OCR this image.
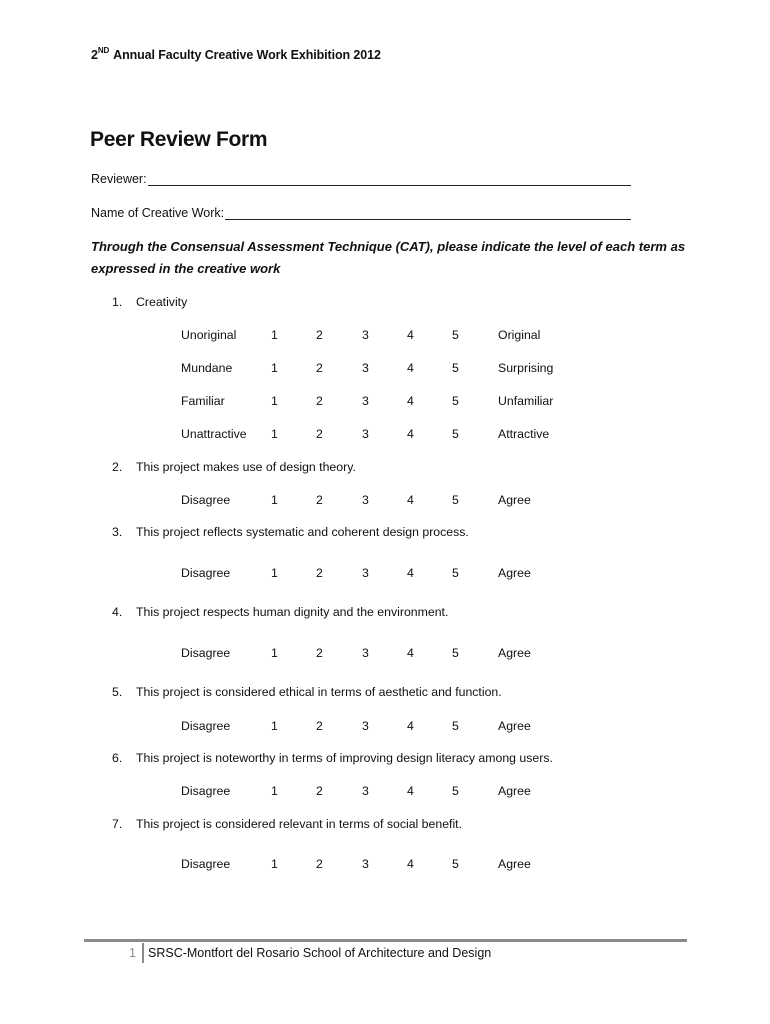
2ND Annual Faculty Creative Work Exhibition 2012
Peer Review Form
Reviewer:
Name of Creative Work:
Through the Consensual Assessment Technique (CAT), please indicate the level of each term as expressed in the creative work
1. Creativity
Unoriginal	1	2	3	4	5	Original
Mundane	1	2	3	4	5	Surprising
Familiar	1	2	3	4	5	Unfamiliar
Unattractive 1	2	3	4	5	Attractive
2. This project makes use of design theory.
Disagree	1	2	3	4	5	Agree
3. This project reflects systematic and coherent design process.
Disagree	1	2	3	4	5	Agree
4. This project respects human dignity and the environment.
Disagree	1	2	3	4	5	Agree
5. This project is considered ethical in terms of aesthetic and function.
Disagree	1	2	3	4	5	Agree
6. This project is noteworthy in terms of improving design literacy among users.
Disagree	1	2	3	4	5	Agree
7. This project is considered relevant in terms of social benefit.
Disagree	1	2	3	4	5	Agree
1 SRSC-Montfort del Rosario School of Architecture and Design
